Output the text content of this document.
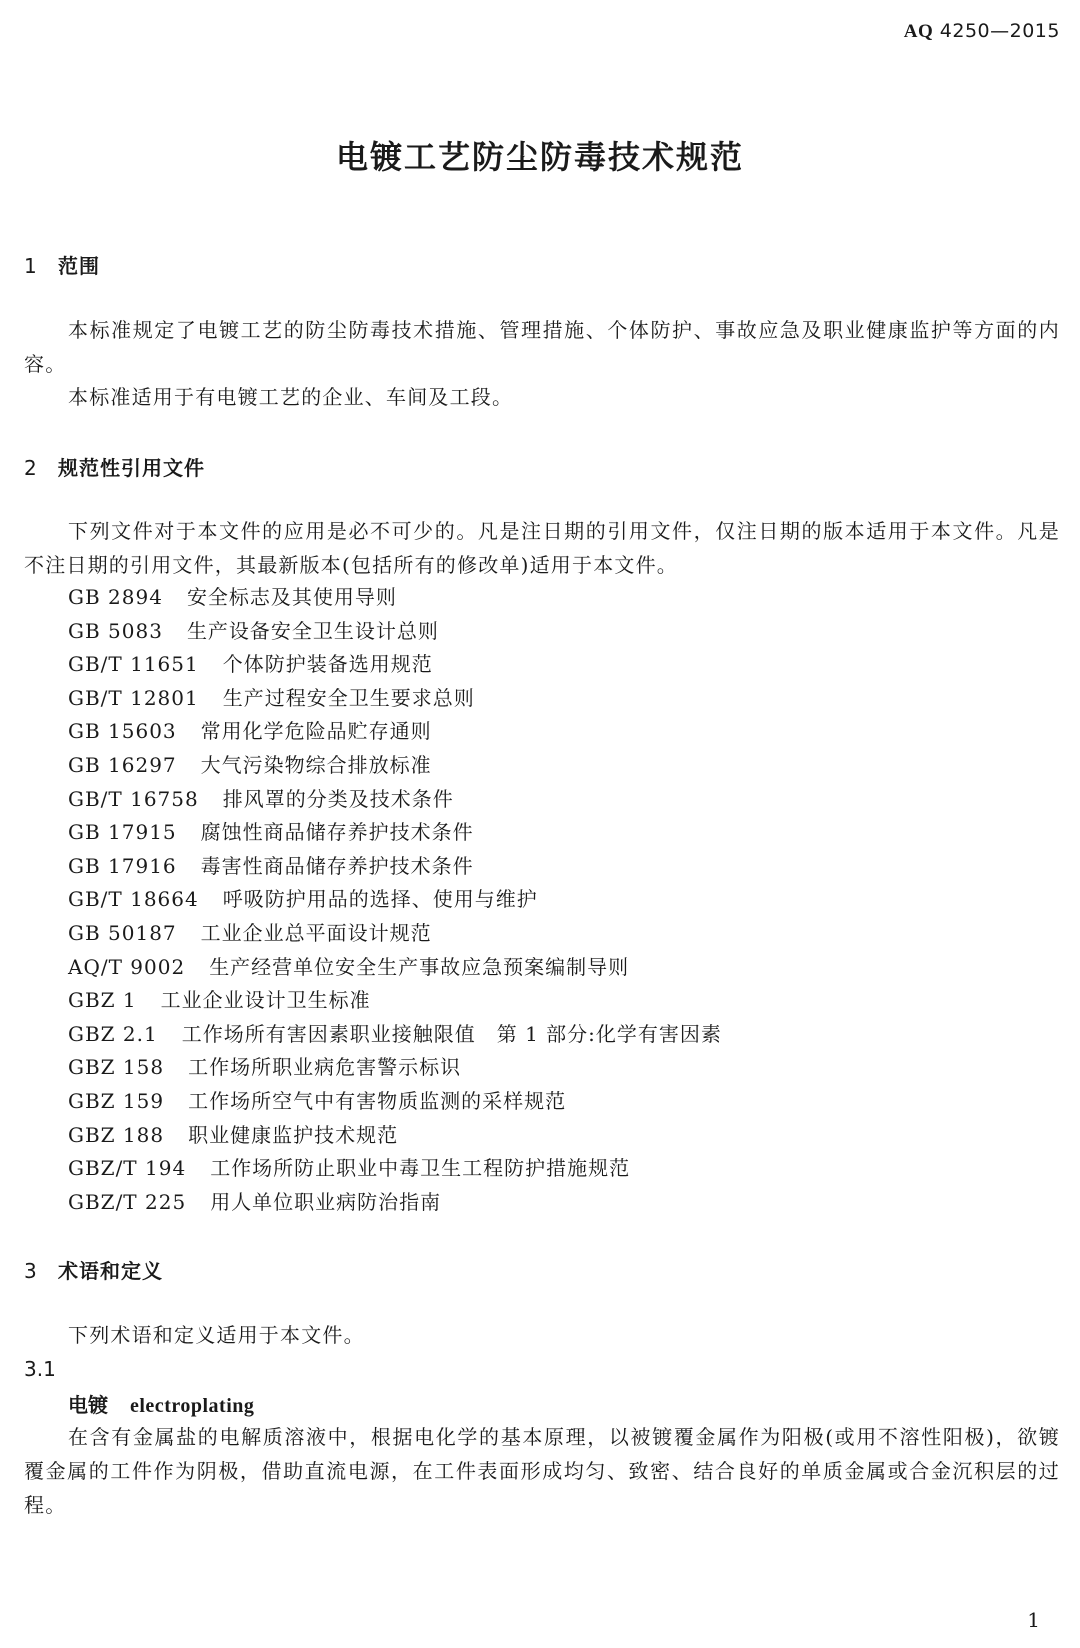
AQ 4250—2015
电镀工艺防尘防毒技术规范
1 范围
本标准规定了电镀工艺的防尘防毒技术措施、管理措施、个体防护、事故应急及职业健康监护等方面的内容。
本标准适用于有电镀工艺的企业、车间及工段。
2 规范性引用文件
下列文件对于本文件的应用是必不可少的。凡是注日期的引用文件，仅注日期的版本适用于本文件。凡是不注日期的引用文件，其最新版本(包括所有的修改单)适用于本文件。
GB 2894 安全标志及其使用导则
GB 5083 生产设备安全卫生设计总则
GB/T 11651 个体防护装备选用规范
GB/T 12801 生产过程安全卫生要求总则
GB 15603 常用化学危险品贮存通则
GB 16297 大气污染物综合排放标准
GB/T 16758 排风罩的分类及技术条件
GB 17915 腐蚀性商品储存养护技术条件
GB 17916 毒害性商品储存养护技术条件
GB/T 18664 呼吸防护用品的选择、使用与维护
GB 50187 工业企业总平面设计规范
AQ/T 9002 生产经营单位安全生产事故应急预案编制导则
GBZ 1 工业企业设计卫生标准
GBZ 2.1 工作场所有害因素职业接触限值　第 1 部分:化学有害因素
GBZ 158 工作场所职业病危害警示标识
GBZ 159 工作场所空气中有害物质监测的采样规范
GBZ 188 职业健康监护技术规范
GBZ/T 194 工作场所防止职业中毒卫生工程防护措施规范
GBZ/T 225 用人单位职业病防治指南
3 术语和定义
下列术语和定义适用于本文件。
3.1
电镀 electroplating
在含有金属盐的电解质溶液中，根据电化学的基本原理，以被镀覆金属作为阳极(或用不溶性阳极)，欲镀覆金属的工件作为阴极，借助直流电源，在工件表面形成均匀、致密、结合良好的单质金属或合金沉积层的过程。
1
